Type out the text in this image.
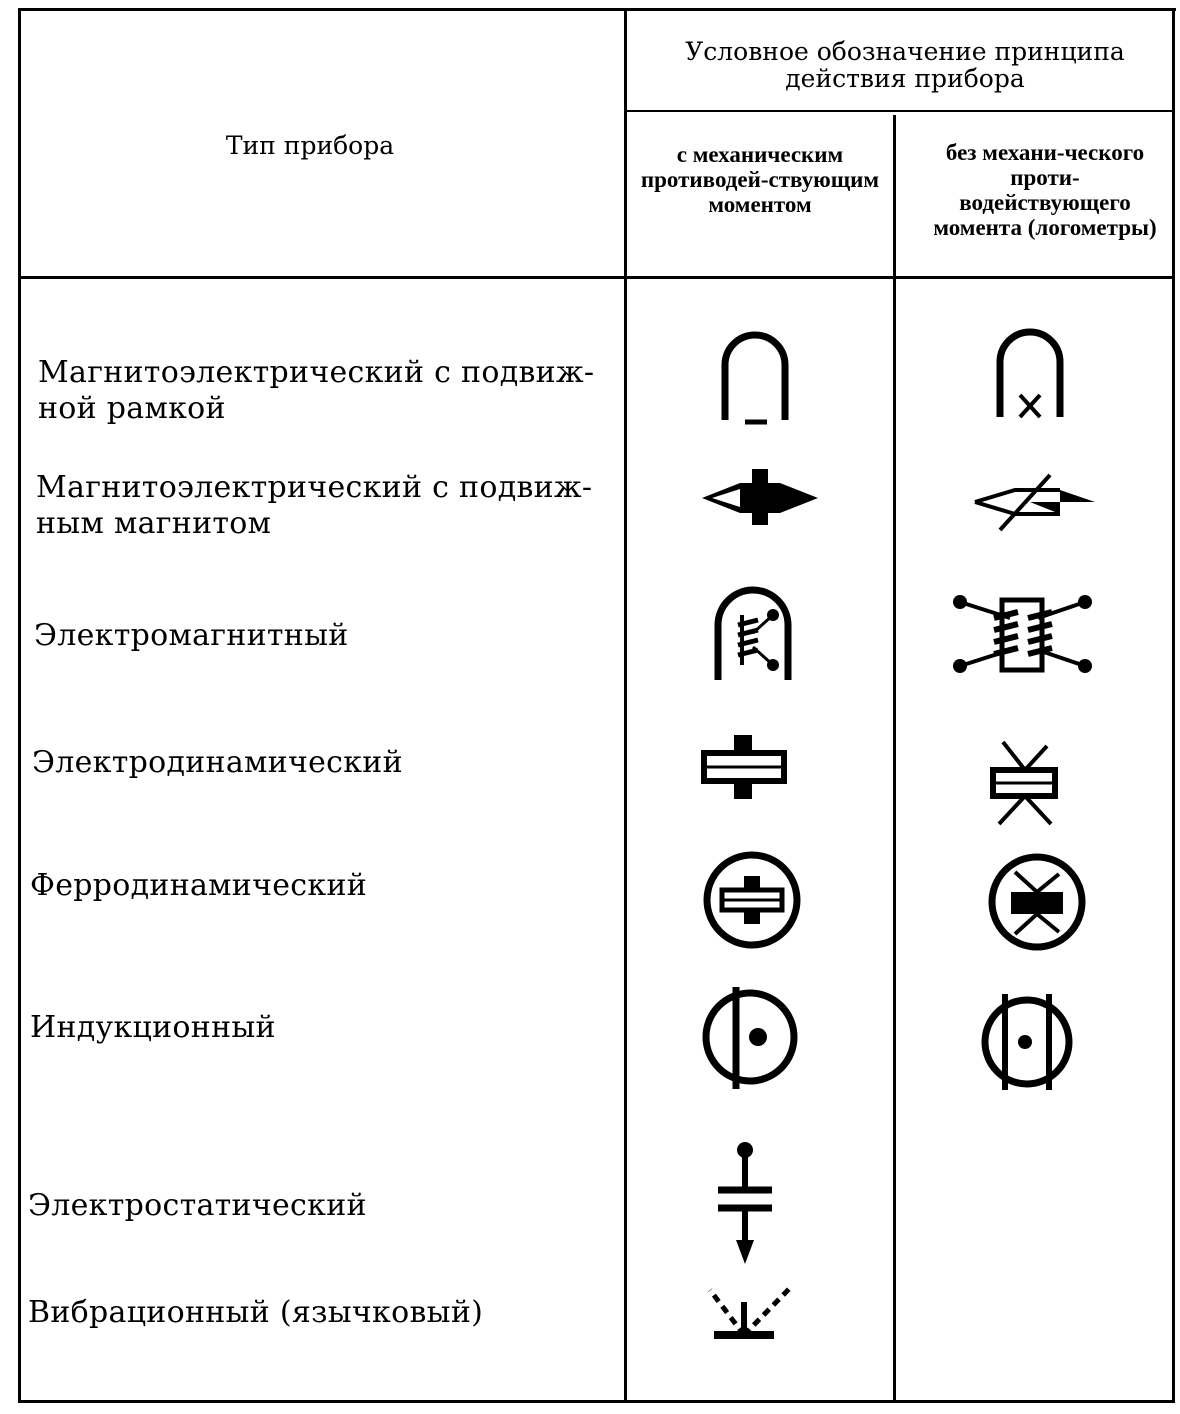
Тип прибора
Условное обозначение принципа действия прибора
с механическим противодей-ствующим моментом
без механи-ческого проти-водействующего момента (логометры)
Магнитоэлектрический с подвиж-ной рамкой
Магнитоэлектрический с подвиж-ным магнитом
Электромагнитный
Электродинамический
Ферродинамический
Индукционный
Электростатический
Вибрационный (язычковый)
